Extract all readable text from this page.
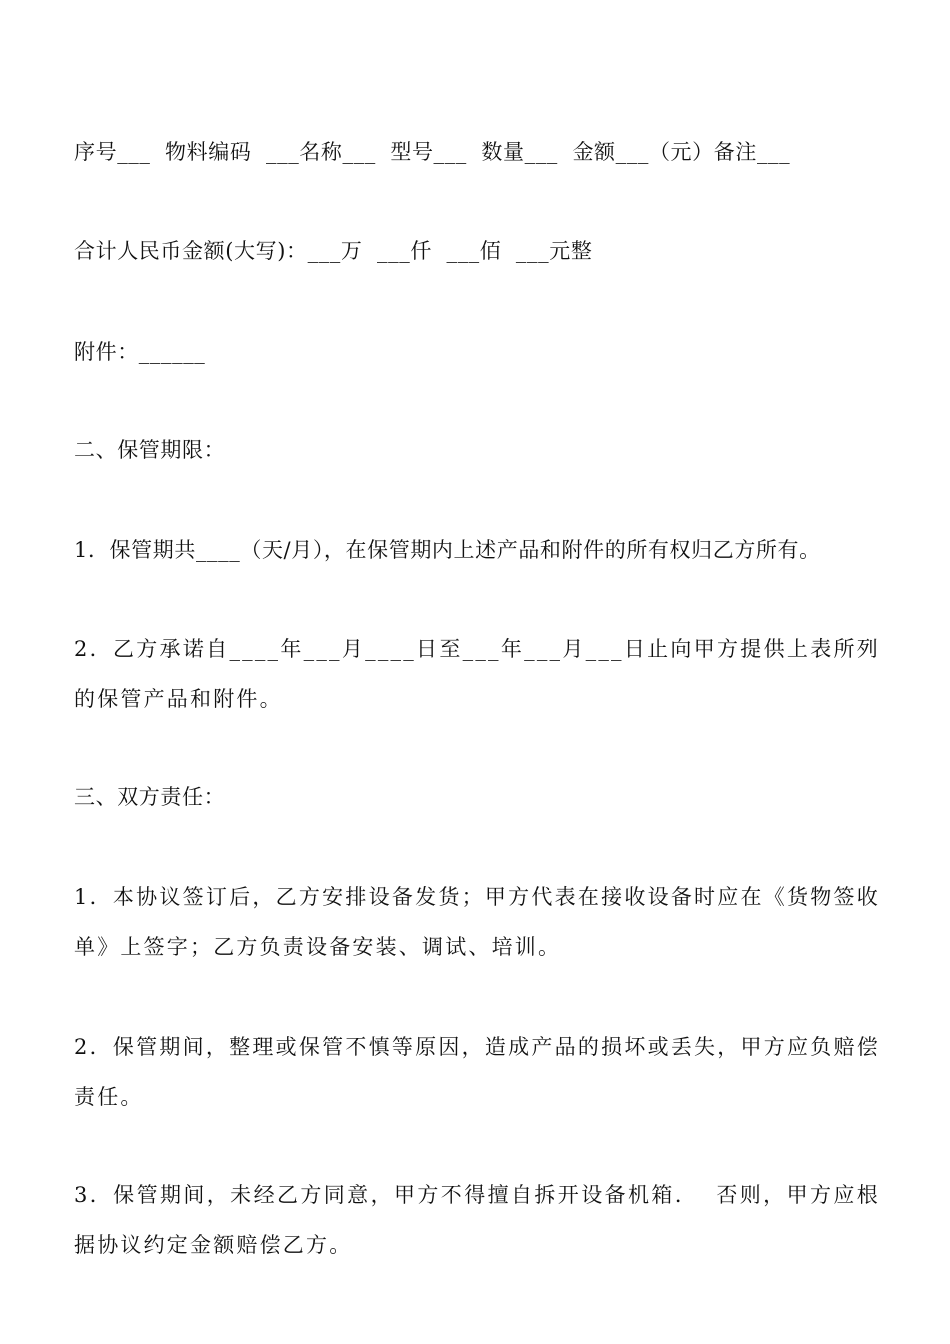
序号___  物料编码  ___名称___  型号___  数量___  金额___（元）备注___
合计人民币金额(大写)：___万  ___仟  ___佰  ___元整
附件：______
二、保管期限：
1．保管期共____（天/月），在保管期内上述产品和附件的所有权归乙方所有。
2．乙方承诺自____年___月____日至___年___月___日止向甲方提供上表所列的保管产品和附件。
三、双方责任：
1．本协议签订后，乙方安排设备发货；甲方代表在接收设备时应在《货物签收单》上签字；乙方负责设备安装、调试、培训。
2．保管期间，整理或保管不慎等原因，造成产品的损坏或丢失，甲方应负赔偿责任。
3．保管期间，未经乙方同意，甲方不得擅自拆开设备机箱．  否则，甲方应根据协议约定金额赔偿乙方。
